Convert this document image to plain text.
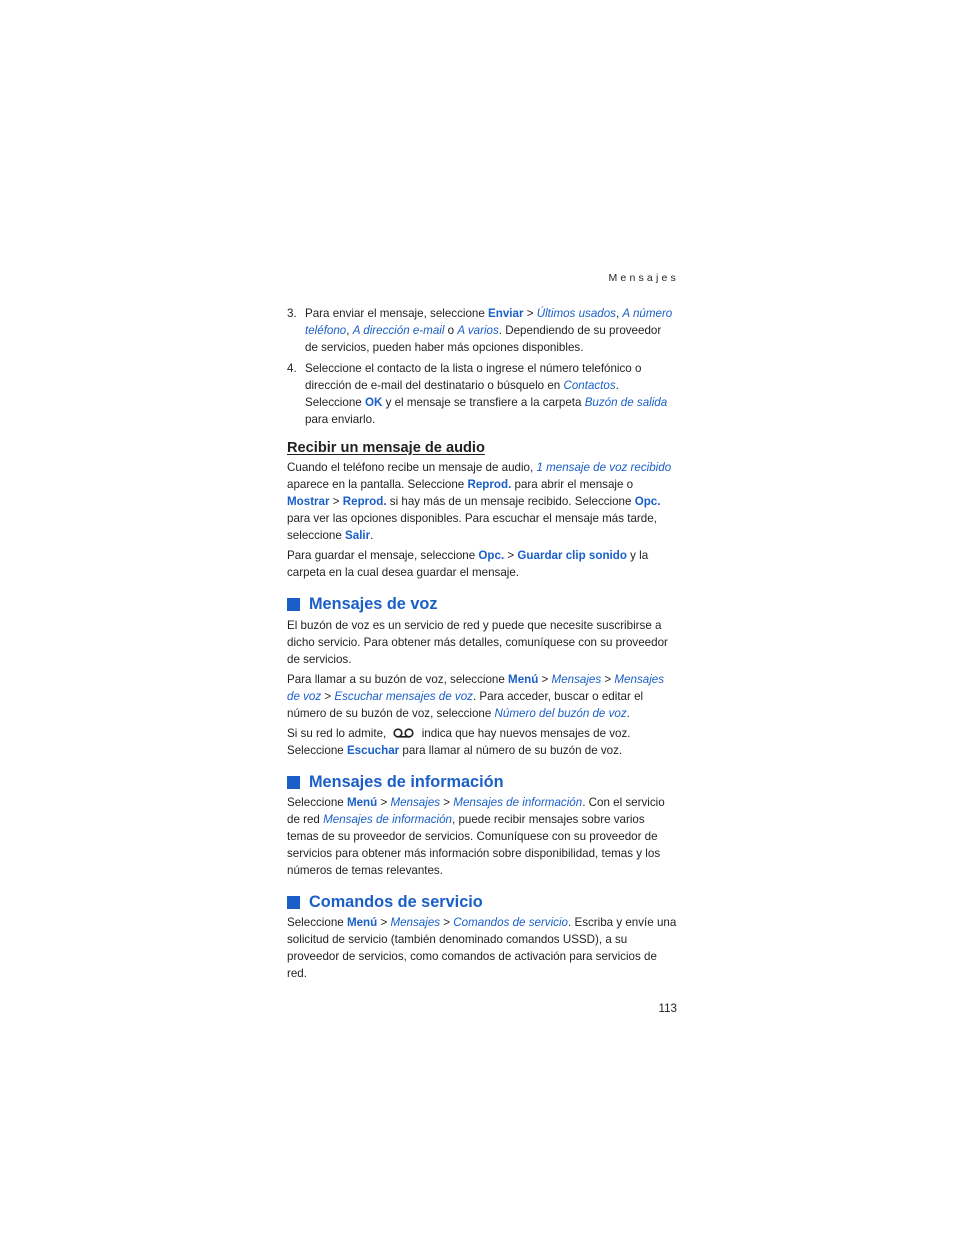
Mensajes
3. Para enviar el mensaje, seleccione Enviar > Últimos usados, A número teléfono, A dirección e-mail o A varios. Dependiendo de su proveedor de servicios, pueden haber más opciones disponibles.
4. Seleccione el contacto de la lista o ingrese el número telefónico o dirección de e-mail del destinatario o búsquelo en Contactos. Seleccione OK y el mensaje se transfiere a la carpeta Buzón de salida para enviarlo.
Recibir un mensaje de audio

Cuando el teléfono recibe un mensaje de audio, 1 mensaje de voz recibido aparece en la pantalla. Seleccione Reprod. para abrir el mensaje o Mostrar > Reprod. si hay más de un mensaje recibido. Seleccione Opc. para ver las opciones disponibles. Para escuchar el mensaje más tarde, seleccione Salir.

Para guardar el mensaje, seleccione Opc. > Guardar clip sonido y la carpeta en la cual desea guardar el mensaje.

Mensajes de voz

El buzón de voz es un servicio de red y puede que necesite suscribirse a dicho servicio. Para obtener más detalles, comuníquese con su proveedor de servicios.

Para llamar a su buzón de voz, seleccione Menú > Mensajes > Mensajes de voz > Escuchar mensajes de voz. Para acceder, buscar o editar el número de su buzón de voz, seleccione Número del buzón de voz.

Si su red lo admite,	indica que hay nuevos mensajes de voz. Seleccione Escuchar para llamar al número de su buzón de voz.

Mensajes de información

Seleccione Menú > Mensajes > Mensajes de información. Con el servicio de red Mensajes de información, puede recibir mensajes sobre varios temas de su proveedor de servicios. Comuníquese con su proveedor de servicios para obtener más información sobre disponibilidad, temas y los números de temas relevantes.

Comandos de servicio

Seleccione Menú > Mensajes > Comandos de servicio. Escriba y envíe una solicitud de servicio (también denominado comandos USSD), a su proveedor de servicios, como comandos de activación para servicios de red.

113
